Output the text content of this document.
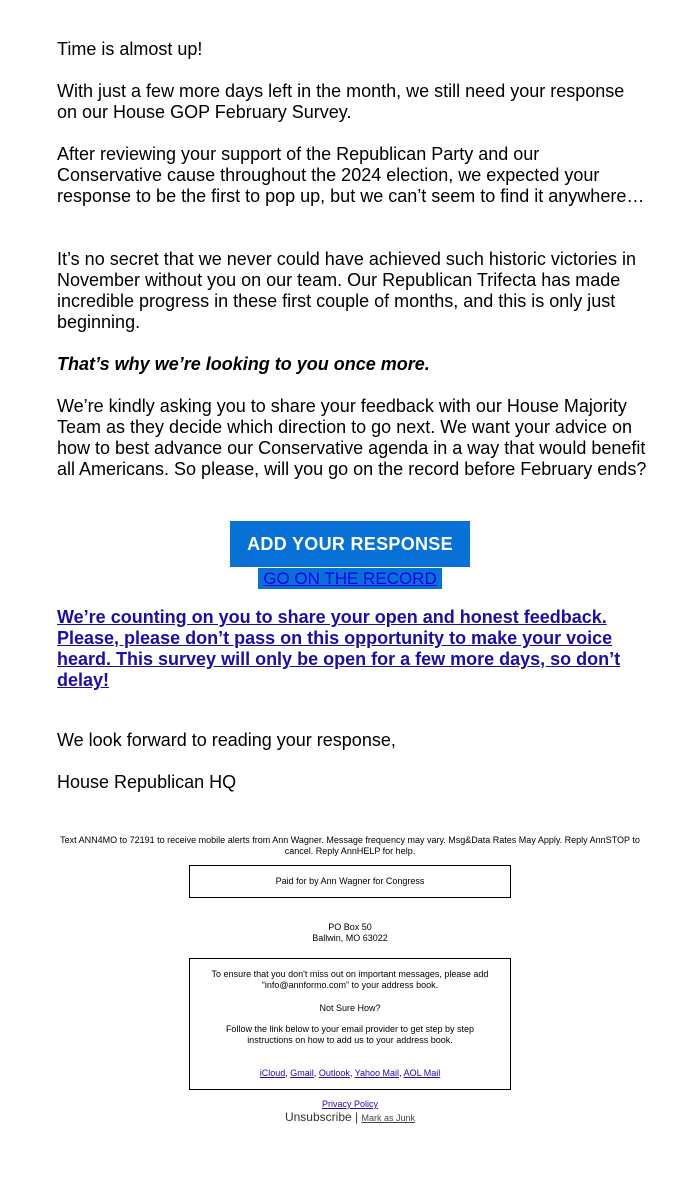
Time is almost up!

With just a few more days left in the month, we still need your response on our House GOP February Survey.

After reviewing your support of the Republican Party and our Conservative cause throughout the 2024 election, we expected your response to be the first to pop up, but we can’t seem to find it anywhere…

It’s no secret that we never could have achieved such historic victories in November without you on our team. Our Republican Trifecta has made incredible progress in these first couple of months, and this is only just beginning.

That’s why we’re looking to you once more.

We’re kindly asking you to share your feedback with our House Majority Team as they decide which direction to go next. We want your advice on how to best advance our Conservative agenda in a way that would benefit all Americans. So please, will you go on the record before February ends?

ADD YOUR RESPONSE
GO ON THE RECORD
We’re counting on you to share your open and honest feedback. Please, please don’t pass on this opportunity to make your voice heard. This survey will only be open for a few more days, so don’t delay!

We look forward to reading your response,

House Republican HQ

Text ANN4MO to 72191 to receive mobile alerts from Ann Wagner. Message frequency may vary. Msg&Data Rates May Apply. Reply AnnSTOP to cancel. Reply AnnHELP for help.
Paid for by Ann Wagner for Congress
PO Box 50
Ballwin, MO 63022
To ensure that you don't miss out on important messages, please add “info@annformo.com” to your address book.
Not Sure How?
Follow the link below to your email provider to get step by step instructions on how to add us to your address book.
iCloud, Gmail, Outlook, Yahoo Mail, AOL Mail
Privacy Policy
Unsubscribe | Mark as Junk
